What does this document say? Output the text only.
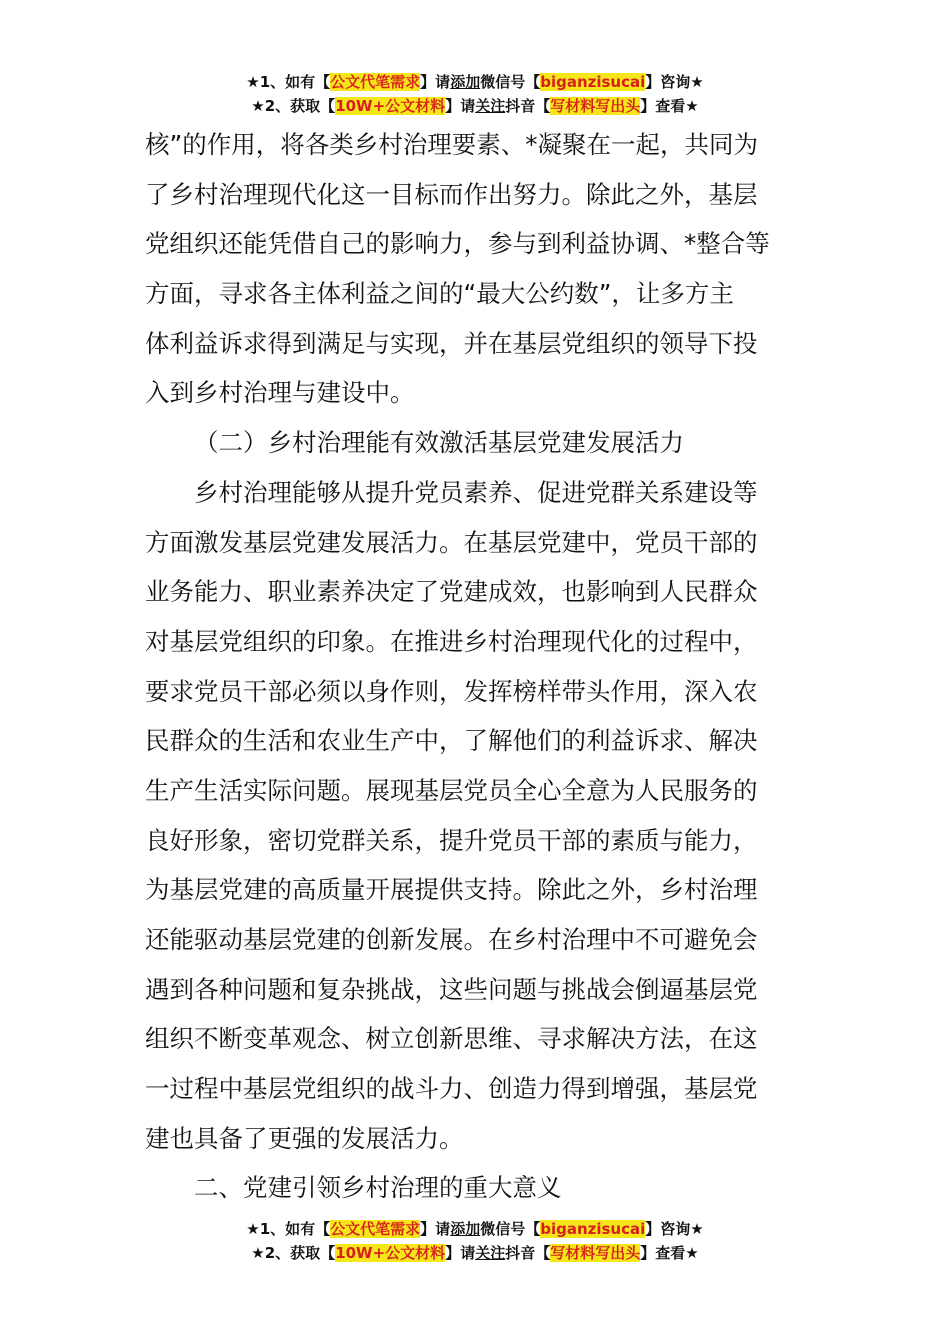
★1、如有【公文代笔需求】请添加微信号【biganzisucai】咨询★
★2、获取【10W+公文材料】请关注抖音【写材料写出头】查看★
核”的作用，将各类乡村治理要素、*凝聚在一起，共同为
了乡村治理现代化这一目标而作出努力。除此之外，基层
党组织还能凭借自己的影响力，参与到利益协调、*整合等
方面，寻求各主体利益之间的“最大公约数”，让多方主
体利益诉求得到满足与实现，并在基层党组织的领导下投
入到乡村治理与建设中。
（二）乡村治理能有效激活基层党建发展活力
乡村治理能够从提升党员素养、促进党群关系建设等
方面激发基层党建发展活力。在基层党建中，党员干部的
业务能力、职业素养决定了党建成效，也影响到人民群众
对基层党组织的印象。在推进乡村治理现代化的过程中，
要求党员干部必须以身作则，发挥榜样带头作用，深入农
民群众的生活和农业生产中，了解他们的利益诉求、解决
生产生活实际问题。展现基层党员全心全意为人民服务的
良好形象，密切党群关系，提升党员干部的素质与能力，
为基层党建的高质量开展提供支持。除此之外，乡村治理
还能驱动基层党建的创新发展。在乡村治理中不可避免会
遇到各种问题和复杂挑战，这些问题与挑战会倒逼基层党
组织不断变革观念、树立创新思维、寻求解决方法，在这
一过程中基层党组织的战斗力、创造力得到增强，基层党
建也具备了更强的发展活力。
二、党建引领乡村治理的重大意义
★1、如有【公文代笔需求】请添加微信号【biganzisucai】咨询★
★2、获取【10W+公文材料】请关注抖音【写材料写出头】查看★
